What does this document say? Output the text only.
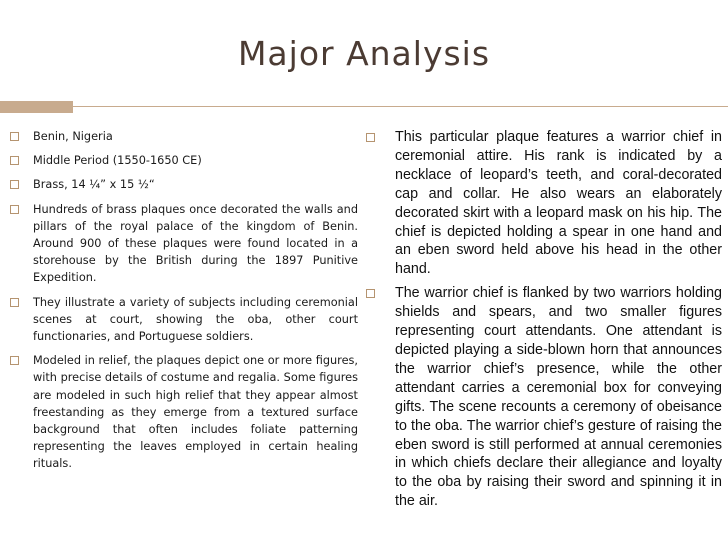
Major Analysis
Benin, Nigeria
Middle Period (1550-1650 CE)
Brass, 14 ¼” x 15 ½“
Hundreds of brass plaques once decorated the walls and pillars of the royal palace of the kingdom of Benin. Around 900 of these plaques were found located in a storehouse by the British during the 1897 Punitive Expedition.
They illustrate a variety of subjects including ceremonial scenes at court, showing the oba, other court functionaries, and Portuguese soldiers.
Modeled in relief, the plaques depict one or more figures, with precise details of costume and regalia. Some figures are modeled in such high relief that they appear almost freestanding as they emerge from a textured surface background that often includes foliate patterning representing the leaves employed in certain healing rituals.
This particular plaque features a warrior chief in ceremonial attire. His rank is indicated by a necklace of leopard’s teeth, and coral-decorated cap and collar. He also wears an elaborately decorated skirt with a leopard mask on his hip. The chief is depicted holding a spear in one hand and an eben sword held above his head in the other hand.
The warrior chief is flanked by two warriors holding shields and spears, and two smaller figures representing court attendants. One attendant is depicted playing a side-blown horn that announces the warrior chief’s presence, while the other attendant carries a ceremonial box for conveying gifts. The scene recounts a ceremony of obeisance to the oba. The warrior chief’s gesture of raising the eben sword is still performed at annual ceremonies in which chiefs declare their allegiance and loyalty to the oba by raising their sword and spinning it in the air.
